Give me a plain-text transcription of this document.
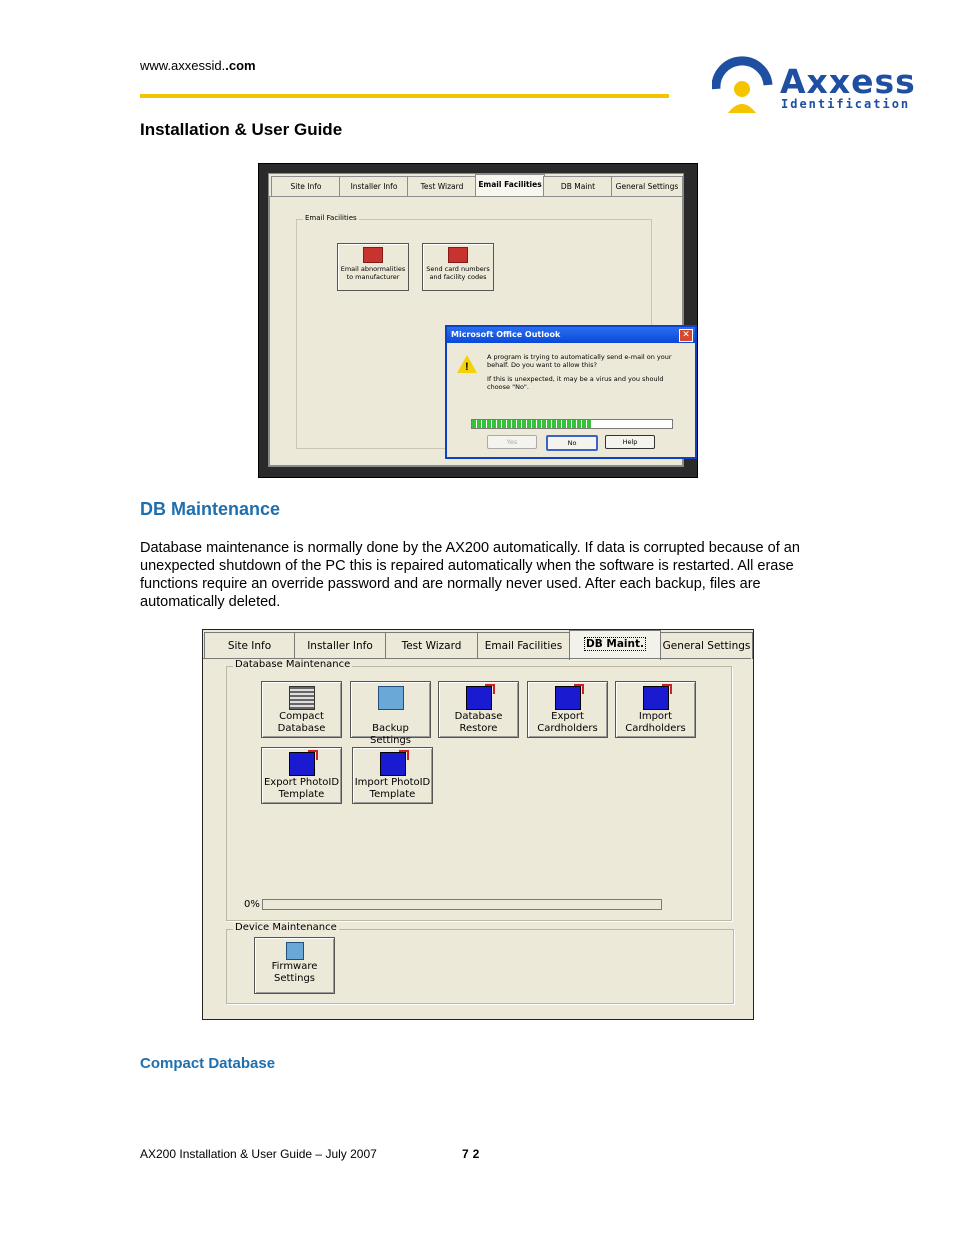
www.axxessid..com	Axxess
Identification
Installation & User Guide
Site Info	Installer Info	Test Wizard	Email Facilities	DB Maint	General Settings
Email Facilities
Email abnormalities to manufacturer
Send card numbers and facility codes
Microsoft Office Outlook	✕
!
A program is trying to automatically send e-mail on your behalf. Do you want to allow this?
If this is unexpected, it may be a virus and you should choose "No".
Yes	No	Help
DB Maintenance
Database maintenance is normally done by the AX200 automatically. If data is corrupted because of an unexpected shutdown of the PC this is repaired automatically when the software is restarted. All erase functions require an override password and are normally never used. After each backup, files are automatically deleted.
Site Info	Installer Info	Test Wizard	Email Facilities	DB Maint.	General Settings
Database Maintenance
Device Maintenance
Compact
Database	Backup Settings
Database
Restore
Export
Cardholders
Import
Cardholders
Export PhotoID
Template
Import PhotoID
Template
0%
Firmware
Settings
Compact Database
AX200 Installation & User Guide – July 2007	72
